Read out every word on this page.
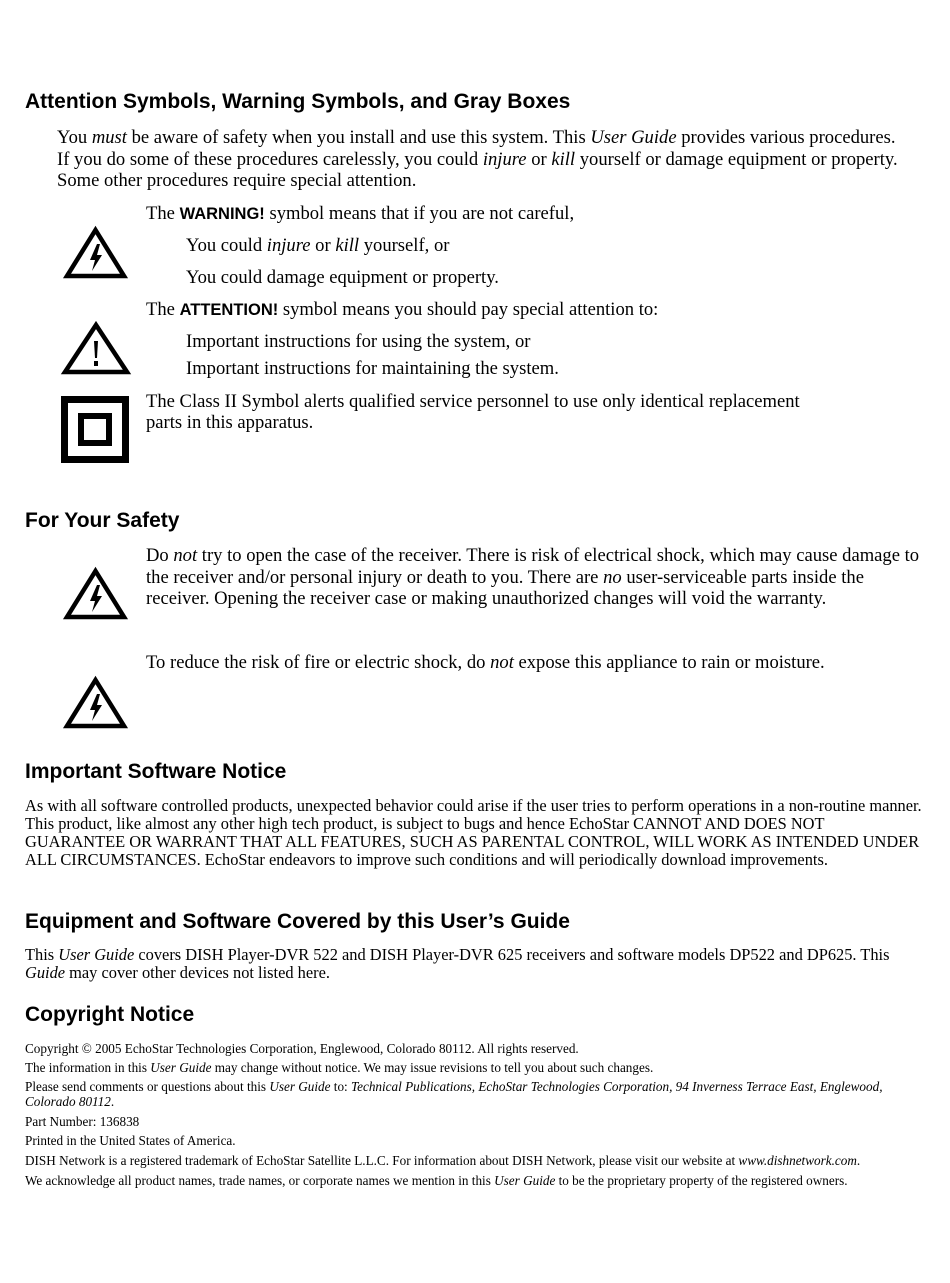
Attention Symbols, Warning Symbols, and Gray Boxes

You must be aware of safety when you install and use this system. This User Guide provides various procedures. If you do some of these procedures carelessly, you could injure or kill yourself or damage equipment or property. Some other procedures require special attention.

The WARNING! symbol means that if you are not careful,

You could injure or kill yourself, or

You could damage equipment or property.

The ATTENTION! symbol means you should pay special attention to:

Important instructions for using the system, or

Important instructions for maintaining the system.

The Class II Symbol alerts qualified service personnel to use only identical replacement

parts in this apparatus.

For Your Safety

Do not try to open the case of the receiver. There is risk of electrical shock, which may cause damage to the receiver and/or personal injury or death to you. There are no user-serviceable parts inside the receiver. Opening the receiver case or making unauthorized changes will void the warranty.

To reduce the risk of fire or electric shock, do not expose this appliance to rain or moisture.

Important Software Notice

As with all software controlled products, unexpected behavior could arise if the user tries to perform operations in a non-routine manner. This product, like almost any other high tech product, is subject to bugs and hence EchoStar CANNOT AND DOES NOT GUARANTEE OR WARRANT THAT ALL FEATURES, SUCH AS PARENTAL CONTROL, WILL WORK AS INTENDED UNDER ALL CIRCUMSTANCES. EchoStar endeavors to improve such conditions and will periodically download improvements.

Equipment and Software Covered by this User’s Guide

This User Guide covers DISH Player-DVR 522 and DISH Player-DVR 625 receivers and software models DP522 and DP625. This Guide may cover other devices not listed here.

Copyright Notice

Copyright © 2005 EchoStar Technologies Corporation, Englewood, Colorado 80112. All rights reserved.

The information in this User Guide may change without notice. We may issue revisions to tell you about such changes.

Please send comments or questions about this User Guide to: Technical Publications, EchoStar Technologies Corporation, 94 Inverness Terrace East, Englewood, Colorado 80112.

Part Number: 136838

Printed in the United States of America.

DISH Network is a registered trademark of EchoStar Satellite L.L.C. For information about DISH Network, please visit our website at www.dishnetwork.com.

We acknowledge all product names, trade names, or corporate names we mention in this User Guide to be the proprietary property of the registered owners.
